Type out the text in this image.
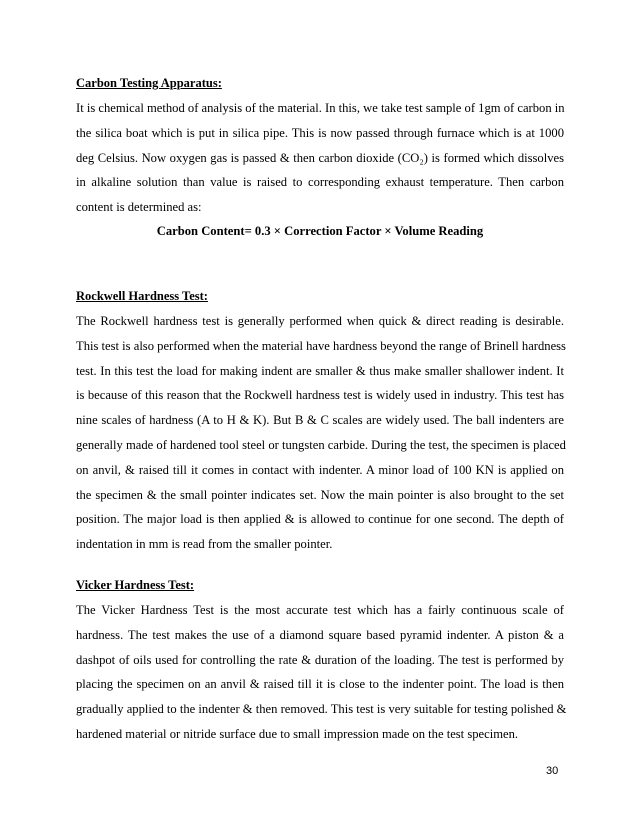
Carbon Testing Apparatus:
It is chemical method of analysis of the material. In this, we take test sample of 1gm of carbon in
the silica boat which is put in silica pipe. This is now passed through furnace which is at 1000
deg Celsius. Now oxygen gas is passed & then carbon dioxide (CO₂) is formed which dissolves
in alkaline solution than value is raised to corresponding exhaust temperature. Then carbon
content is determined as:
Carbon Content= 0.3 × Correction Factor × Volume Reading
Rockwell Hardness Test:
The Rockwell hardness test is generally performed when quick & direct reading is desirable.
This test is also performed when the material have hardness beyond the range of Brinell hardness
test. In this test the load for making indent are smaller & thus make smaller shallower indent. It
is because of this reason that the Rockwell hardness test is widely used in industry. This test has
nine scales of hardness (A to H & K). But B & C scales are widely used. The ball indenters are
generally made of hardened tool steel or tungsten carbide. During the test, the specimen is placed
on anvil, & raised till it comes in contact with indenter. A minor load of 100 KN is applied on
the specimen & the small pointer indicates set. Now the main pointer is also brought to the set
position. The major load is then applied & is allowed to continue for one second. The depth of
indentation in mm is read from the smaller pointer.
Vicker Hardness Test:
The Vicker Hardness Test is the most accurate test which has a fairly continuous scale of
hardness. The test makes the use of a diamond square based pyramid indenter. A piston & a
dashpot of oils used for controlling the rate & duration of the loading. The test is performed by
placing the specimen on an anvil & raised till it is close to the indenter point. The load is then
gradually applied to the indenter & then removed. This test is very suitable for testing polished &
hardened material or nitride surface due to small impression made on the test specimen.
30
